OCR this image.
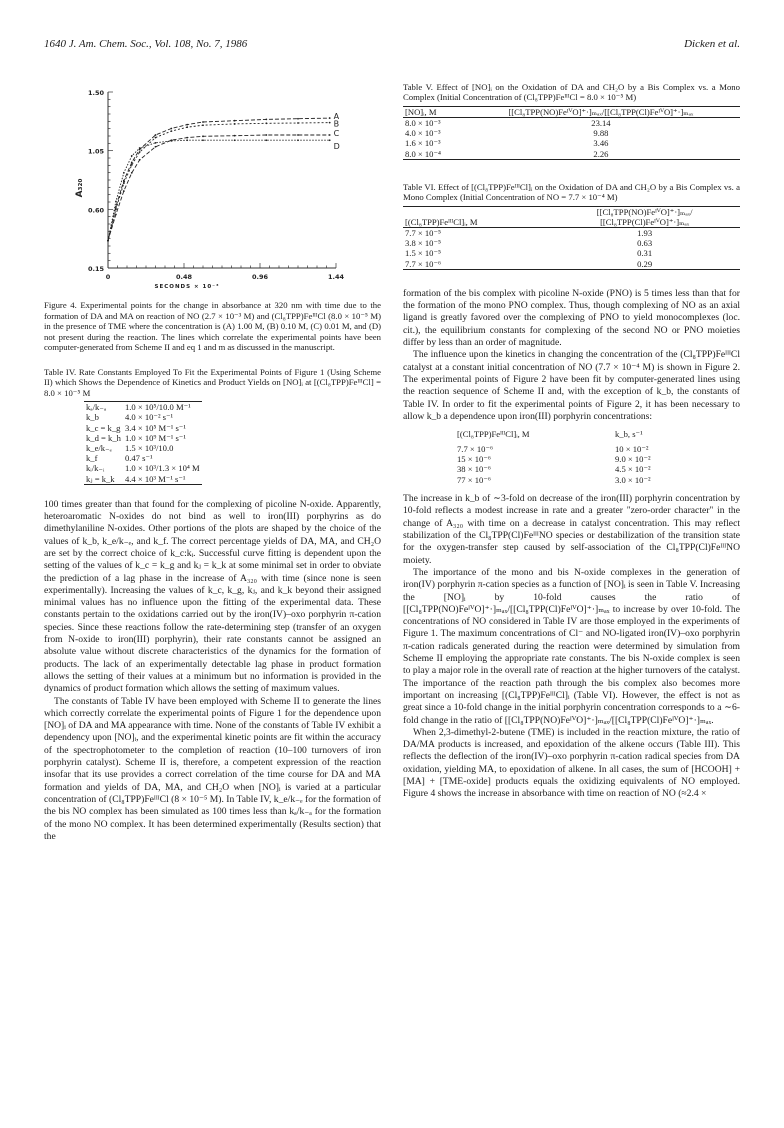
1640 J. Am. Chem. Soc., Vol. 108, No. 7, 1986	Dicken et al.
0.15
0.60
1.05
1.50
0	0.48	0.96	1.44
SECONDS × 10⁻³
A₃₂₀
A
B
C
D
Figure 4. Experimental points for the change in absorbance at 320 nm with time due to the formation of DA and MA on reaction of NO (2.7 × 10⁻³ M) and (Cl₈TPP)FeᴵᴵᴵCl (8.0 × 10⁻⁵ M) in the presence of TME where the concentration is (A) 1.00 M, (B) 0.10 M, (C) 0.01 M, and (D) not present during the reaction. The lines which correlate the experimental points have been computer-generated from Scheme II and eq 1 and m as discussed in the manuscript.
Table IV. Rate Constants Employed To Fit the Experimental Points of Figure 1 (Using Scheme II) which Shows the Dependence of Kinetics and Product Yields on [NO]ᵢ at [(Cl₈TPP)FeᴵᴵᴵCl] = 8.0 × 10⁻⁵ M
kₐ/k₋ₐ	1.0 × 10⁵/10.0 M⁻¹
k_b	4.0 × 10⁻² s⁻¹
k_c = k_g	3.4 × 10⁵ M⁻¹ s⁻¹
k_d = k_h	1.0 × 10⁹ M⁻¹ s⁻¹
k_e/k₋ₑ	1.5 × 10³/10.0
k_f	0.47 s⁻¹
kᵢ/k₋ᵢ	1.0 × 10³/1.3 × 10⁴ M
kⱼ = k_k	4.4 × 10³ M⁻¹ s⁻¹

100 times greater than that found for the complexing of picoline N-oxide. Apparently, heteroaromatic N-oxides do not bind as well to iron(III) porphyrins as do dimethylaniline N-oxides. Other portions of the plots are shaped by the choice of the values of k_b, k_e/k₋ₑ, and k_f. The correct percentage yields of DA, MA, and CH₂O are set by the correct choice of k_c:kᵢ. Successful curve fitting is dependent upon the setting of the values of k_c = k_g and kⱼ = k_k at some minimal set in order to obviate the prediction of a lag phase in the increase of A₃₂₀ with time (since none is seen experimentally). Increasing the values of k_c, k_g, kⱼ, and k_k beyond their assigned minimal values has no influence upon the fitting of the experimental data. These constants pertain to the oxidations carried out by the iron(IV)–oxo porphyrin π-cation species. Since these reactions follow the rate-determining step (transfer of an oxygen from N-oxide to iron(III) porphyrin), their rate constants cannot be assigned an absolute value without discrete characteristics of the dynamics for the formation of products. The lack of an experimentally detectable lag phase in product formation allows the setting of their values at a minimum but no information is provided in the dynamics of product formation which allows the setting of maximum values.

The constants of Table IV have been employed with Scheme II to generate the lines which correctly correlate the experimental points of Figure 1 for the dependence upon [NO]ᵢ of DA and MA appearance with time. None of the constants of Table IV exhibit a dependency upon [NO]ᵢ, and the experimental kinetic points are fit within the accuracy of the spectrophotometer to the completion of reaction (10–100 turnovers of iron porphyrin catalyst). Scheme II is, therefore, a competent expression of the reaction insofar that its use provides a correct correlation of the time course for DA and MA formation and yields of DA, MA, and CH₂O when [NO]ᵢ is varied at a particular concentration of (Cl₈TPP)FeᴵᴵᴵCl (8 × 10⁻⁵ M). In Table IV, k_e/k₋ₑ for the formation of the bis NO complex has been simulated as 100 times less than kₐ/k₋ₐ for the formation of the mono NO complex. It has been determined experimentally (Results section) that the

Table V. Effect of [NO]ᵢ on the Oxidation of DA and CH₂O by a Bis Complex vs. a Mono Complex (Initial Concentration of (Cl₈TPP)FeᴵᴵᴵCl = 8.0 × 10⁻⁵ M)
[NO]ᵢ, M	[[Cl₈TPP(NO)FeᴵⱽO]⁺·]ₘₐₓ/[[Cl₈TPP(Cl)FeᴵⱽO]⁺·]ₘₐₓ
8.0 × 10⁻³	23.14
4.0 × 10⁻³	9.88
1.6 × 10⁻³	3.46
8.0 × 10⁻⁴	2.26
Table VI. Effect of [(Cl₈TPP)FeᴵᴵᴵCl]ᵢ on the Oxidation of DA and CH₂O by a Bis Complex vs. a Mono Complex (Initial Concentration of NO = 7.7 × 10⁻⁴ M)
[(Cl₈TPP)FeᴵᴵᴵCl]ᵢ, M	[[Cl₈TPP(NO)FeᴵⱽO]⁺·]ₘₐₓ/
[[Cl₈TPP(Cl)FeᴵⱽO]⁺·]ₘₐₓ

7.7 × 10⁻⁵	1.93
3.8 × 10⁻⁵	0.63
1.5 × 10⁻⁵	0.31
7.7 × 10⁻⁶	0.29

formation of the bis complex with picoline N-oxide (PNO) is 5 times less than that for the formation of the mono PNO complex. Thus, though complexing of NO as an axial ligand is greatly favored over the complexing of PNO to yield monocomplexes (loc. cit.), the equilibrium constants for complexing of the second NO or PNO moieties differ by less than an order of magnitude.

The influence upon the kinetics in changing the concentration of the (Cl₈TPP)FeᴵᴵᴵCl catalyst at a constant initial concentration of NO (7.7 × 10⁻⁴ M) is shown in Figure 2. The experimental points of Figure 2 have been fit by computer-generated lines using the reaction sequence of Scheme II and, with the exception of k_b, the constants of Table IV. In order to fit the experimental points of Figure 2, it has been necessary to allow k_b a dependence upon iron(III) porphyrin concentrations:

[(Cl₈TPP)FeᴵᴵᴵCl]ᵢ, M	k_b, s⁻¹
7.7 × 10⁻⁶	10 × 10⁻²
15 × 10⁻⁶	9.0 × 10⁻²
38 × 10⁻⁶	4.5 × 10⁻²
77 × 10⁻⁶	3.0 × 10⁻²

The increase in k_b of ∼3-fold on decrease of the iron(III) porphyrin concentration by 10-fold reflects a modest increase in rate and a greater "zero-order character" in the change of A₃₂₀ with time on a decrease in catalyst concentration. This may reflect stabilization of the Cl₈TPP(Cl)FeᴵᴵᴵNO species or destabilization of the transition state for the oxygen-transfer step caused by self-association of the Cl₈TPP(Cl)FeᴵᴵᴵNO moiety.

The importance of the mono and bis N-oxide complexes in the generation of iron(IV) porphyrin π-cation species as a function of [NO]ᵢ is seen in Table V. Increasing the [NO]ᵢ by 10-fold causes the ratio of [[Cl₈TPP(NO)FeᴵⱽO]⁺·]ₘₐₓ/[[Cl₈TPP(Cl)FeᴵⱽO]⁺·]ₘₐₓ to increase by over 10-fold. The concentrations of NO considered in Table IV are those employed in the experiments of Figure 1. The maximum concentrations of Cl⁻ and NO-ligated iron(IV)–oxo porphyrin π-cation radicals generated during the reaction were determined by simulation from Scheme II employing the appropriate rate constants. The bis N-oxide complex is seen to play a major role in the overall rate of reaction at the higher turnovers of the catalyst. The importance of the reaction path through the bis complex also becomes more important on increasing [(Cl₈TPP)FeᴵᴵᴵCl]ᵢ (Table VI). However, the effect is not as great since a 10-fold change in the initial porphyrin concentration corresponds to a ∼6-fold change in the ratio of [[Cl₈TPP(NO)FeᴵⱽO]⁺·]ₘₐₓ/[[Cl₈TPP(Cl)FeᴵⱽO]⁺·]ₘₐₓ.

When 2,3-dimethyl-2-butene (TME) is included in the reaction mixture, the ratio of DA/MA products is increased, and epoxidation of the alkene occurs (Table III). This reflects the deflection of the iron(IV)–oxo porphyrin π-cation radical species from DA oxidation, yielding MA, to epoxidation of alkene. In all cases, the sum of [HCOOH] + [MA] + [TME-oxide] products equals the oxidizing equivalents of NO employed. Figure 4 shows the increase in absorbance with time on reaction of NO (≈2.4 ×
